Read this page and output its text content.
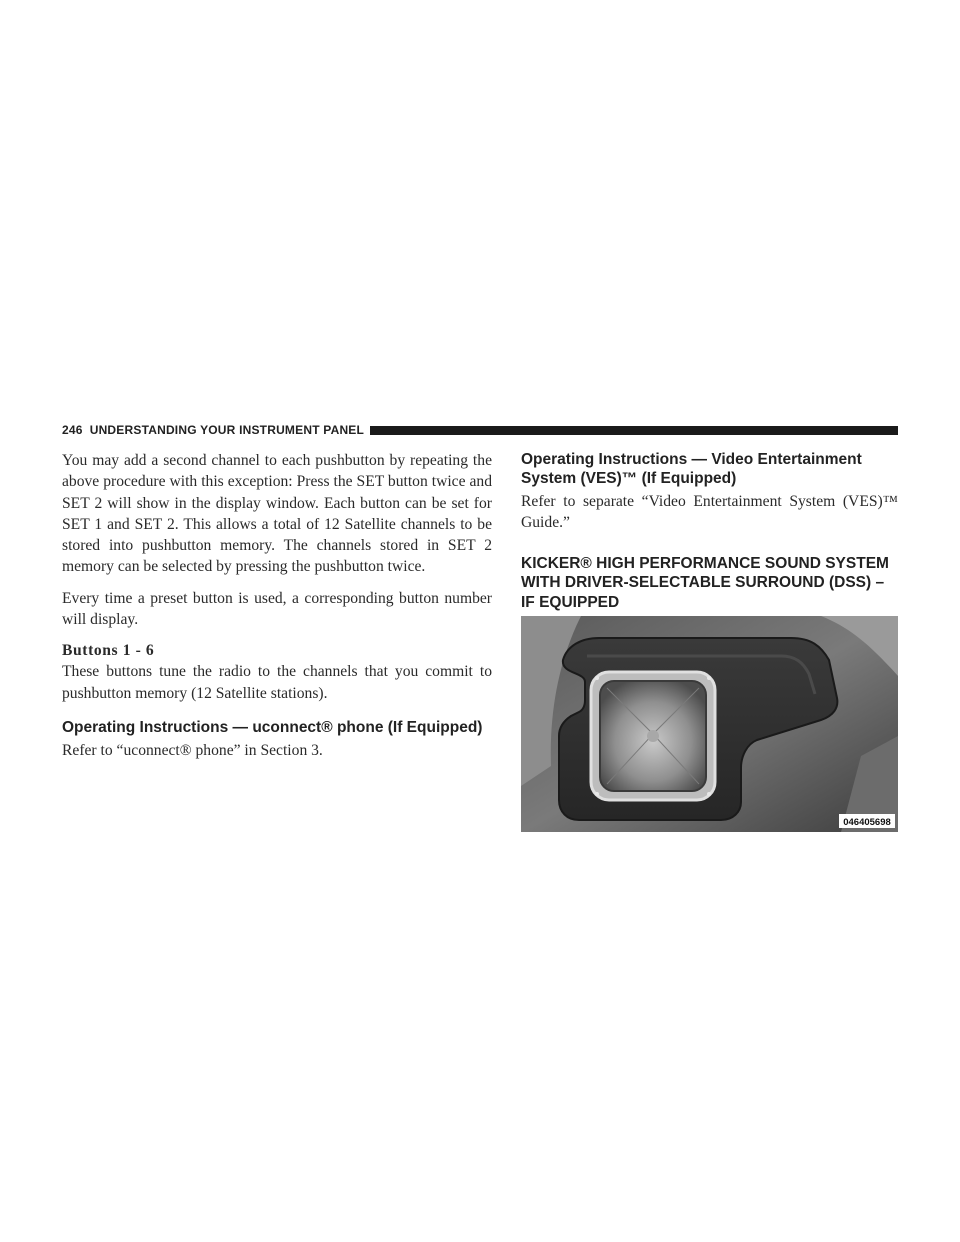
246 UNDERSTANDING YOUR INSTRUMENT PANEL

You may add a second channel to each pushbutton by repeating the above procedure with this exception: Press the SET button twice and SET 2 will show in the display window. Each button can be set for SET 1 and SET 2. This allows a total of 12 Satellite channels to be stored into pushbutton memory. The channels stored in SET 2 memory can be selected by pressing the pushbutton twice.

Every time a preset button is used, a corresponding button number will display.

Buttons 1 - 6

These buttons tune the radio to the channels that you commit to pushbutton memory (12 Satellite stations).

Operating Instructions — uconnect® phone (If Equipped)

Refer to “uconnect® phone” in Section 3.

Operating Instructions — Video Entertainment System (VES)™ (If Equipped)

Refer to separate “Video Entertainment System (VES)™ Guide.”

KICKER® HIGH PERFORMANCE SOUND SYSTEM WITH DRIVER-SELECTABLE SURROUND (DSS) – IF EQUIPPED
046405698
